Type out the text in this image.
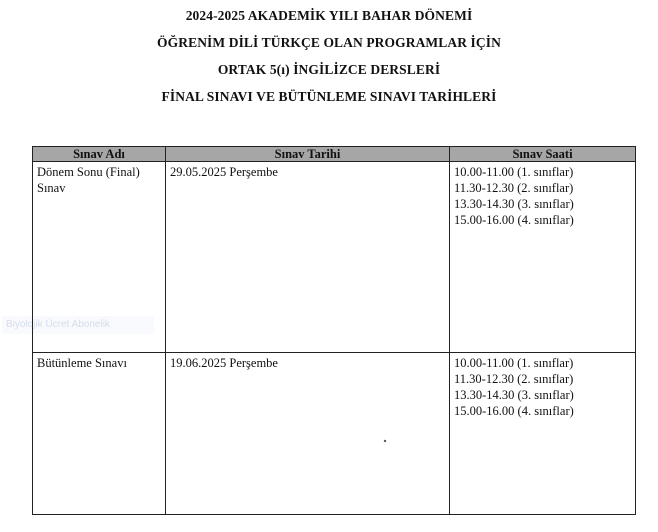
2024-2025 AKADEMİK YILI BAHAR DÖNEMİ
ÖĞRENİM DİLİ TÜRKÇE OLAN PROGRAMLAR İÇİN
ORTAK 5(ı) İNGİLİZCE DERSLERİ
FİNAL SINAVI VE BÜTÜNLEME SINAVI TARİHLERİ
Biyolojik Ücret Abonelik
Sınav Adı	Sınav Tarihi	Sınav Saati
Dönem Sonu (Final) Sınav	29.05.2025 Perşembe	10.00-11.00 (1. sınıflar)
11.30-12.30 (2. sınıflar)
13.30-14.30 (3. sınıflar)
15.00-16.00 (4. sınıflar)

Bütünleme Sınavı	19.06.2025 Perşembe	10.00-11.00 (1. sınıflar)
11.30-12.30 (2. sınıflar)
13.30-14.30 (3. sınıflar)
15.00-16.00 (4. sınıflar)
